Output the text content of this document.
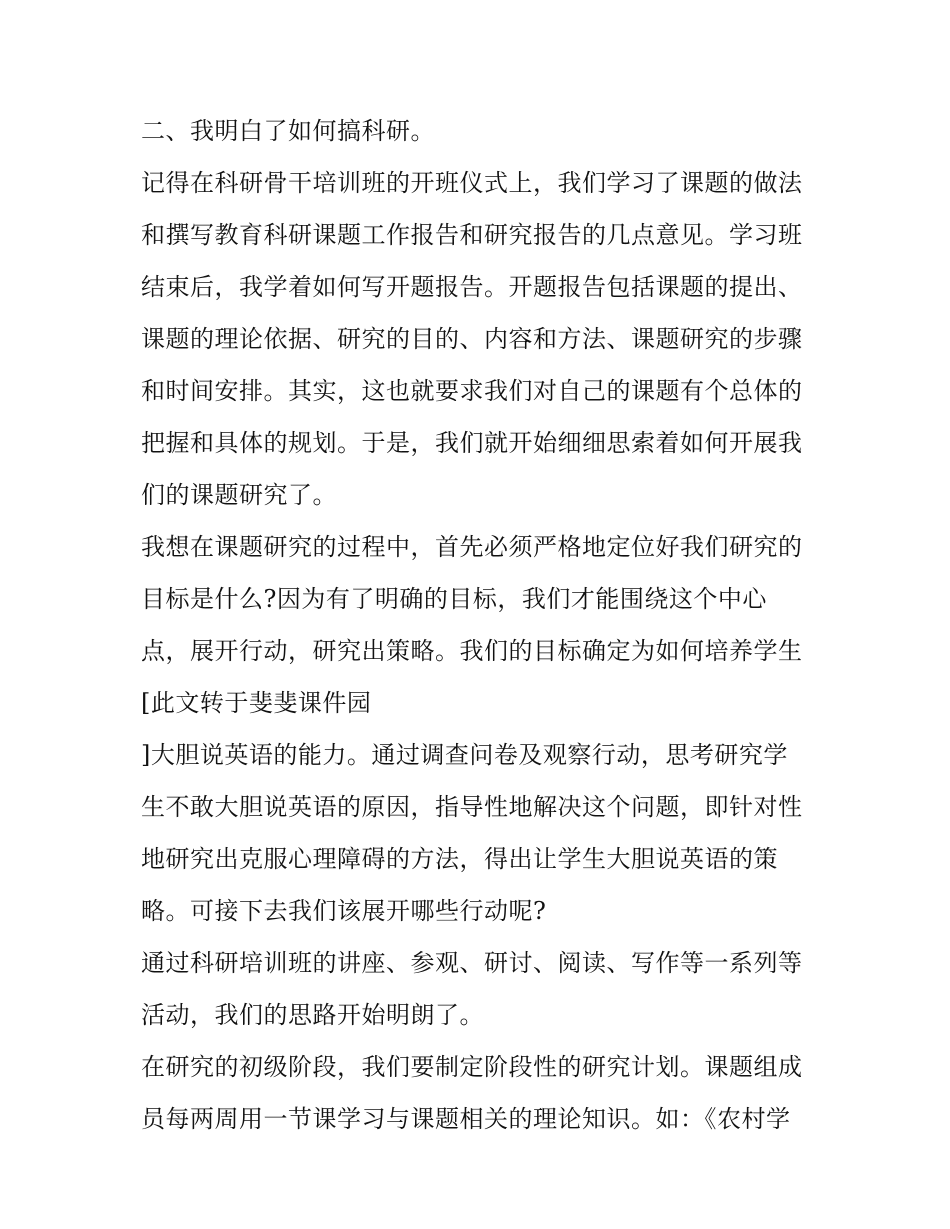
二、我明白了如何搞科研。
记得在科研骨干培训班的开班仪式上，我们学习了课题的做法
和撰写教育科研课题工作报告和研究报告的几点意见。学习班
结束后，我学着如何写开题报告。开题报告包括课题的提出、
课题的理论依据、研究的目的、内容和方法、课题研究的步骤
和时间安排。其实，这也就要求我们对自己的课题有个总体的
把握和具体的规划。于是，我们就开始细细思索着如何开展我
们的课题研究了。
我想在课题研究的过程中，首先必须严格地定位好我们研究的
目标是什么?因为有了明确的目标，我们才能围绕这个中心
点，展开行动，研究出策略。我们的目标确定为如何培养学生
[此文转于斐斐课件园
]大胆说英语的能力。通过调查问卷及观察行动，思考研究学
生不敢大胆说英语的原因，指导性地解决这个问题，即针对性
地研究出克服心理障碍的方法，得出让学生大胆说英语的策
略。可接下去我们该展开哪些行动呢?
通过科研培训班的讲座、参观、研讨、阅读、写作等一系列等
活动，我们的思路开始明朗了。
在研究的初级阶段，我们要制定阶段性的研究计划。课题组成
员每两周用一节课学习与课题相关的理论知识。如：《农村学
